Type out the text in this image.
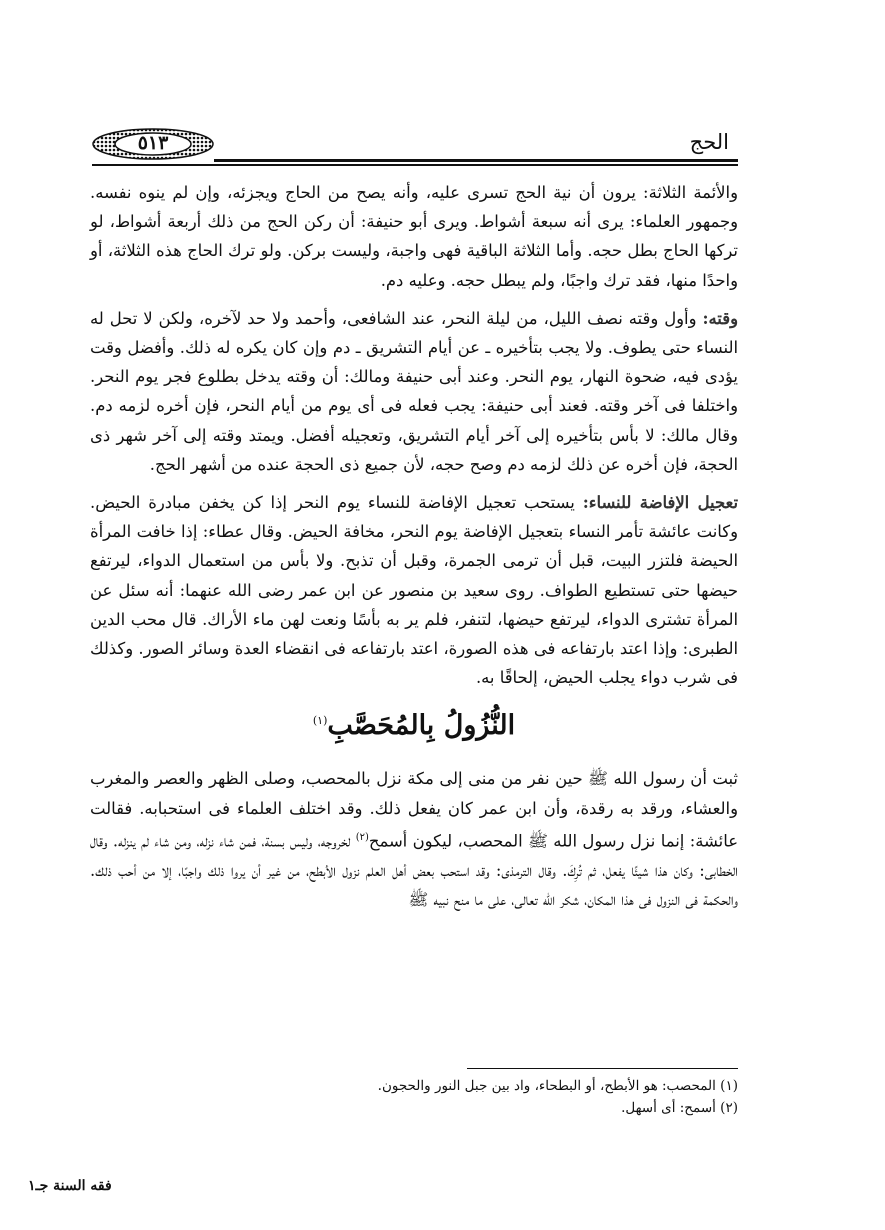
٥١٣	الحج

والأئمة الثلاثة: يرون أن نية الحج تسرى عليه، وأنه يصح من الحاج ويجزئه، وإن لم ينوه نفسه. وجمهور العلماء: يرى أنه سبعة أشواط. ويرى أبو حنيفة: أن ركن الحج من ذلك أربعة أشواط، لو تركها الحاج بطل حجه. وأما الثلاثة الباقية فهى واجبة، وليست بركن. ولو ترك الحاج هذه الثلاثة، أو واحدًا منها، فقد ترك واجبًا، ولم يبطل حجه. وعليه دم.

وقته: وأول وقته نصف الليل، من ليلة النحر، عند الشافعى، وأحمد ولا حد لآخره، ولكن لا تحل له النساء حتى يطوف. ولا يجب بتأخيره ـ عن أيام التشريق ـ دم وإن كان يكره له ذلك. وأفضل وقت يؤدى فيه، ضحوة النهار، يوم النحر. وعند أبى حنيفة ومالك: أن وقته يدخل بطلوع فجر يوم النحر. واختلفا فى آخر وقته. فعند أبى حنيفة: يجب فعله فى أى يوم من أيام النحر، فإن أخره لزمه دم. وقال مالك: لا بأس بتأخيره إلى آخر أيام التشريق، وتعجيله أفضل. ويمتد وقته إلى آخر شهر ذى الحجة، فإن أخره عن ذلك لزمه دم وصح حجه، لأن جميع ذى الحجة عنده من أشهر الحج.

تعجيل الإفاضة للنساء: يستحب تعجيل الإفاضة للنساء يوم النحر إذا كن يخفن مبادرة الحيض. وكانت عائشة تأمر النساء بتعجيل الإفاضة يوم النحر، مخافة الحيض. وقال عطاء: إذا خافت المرأة الحيضة فلتزر البيت، قبل أن ترمى الجمرة، وقبل أن تذبح. ولا بأس من استعمال الدواء، ليرتفع حيضها حتى تستطيع الطواف. روى سعيد بن منصور عن ابن عمر رضى الله عنهما: أنه سئل عن المرأة تشترى الدواء، ليرتفع حيضها، لتنفر، فلم ير به بأسًا ونعت لهن ماء الأراك. قال محب الدين الطبرى: وإذا اعتد بارتفاعه فى هذه الصورة، اعتد بارتفاعه فى انقضاء العدة وسائر الصور. وكذلك فى شرب دواء يجلب الحيض، إلحاقًا به.

النُّزُولُ بِالمُحَصَّبِ$^{(١)}$

ثبت أن رسول الله ﷺ حين نفر من منى إلى مكة نزل بالمحصب، وصلى الظهر والعصر والمغرب والعشاء، ورقد به رقدة، وأن ابن عمر كان يفعل ذلك. وقد اختلف العلماء فى استحبابه. فقالت عائشة: إنما نزل رسول الله ﷺ المحصب، ليكون أسمح$^{(٢)}$ لخروجه، وليس بسنة، فمن شاء نزله، ومن شاء لم ينزله. وقال الخطابى: وكان هذا شيئًا يفعل، ثم تُرِكَ. وقال الترمذى: وقد استحب بعض أهل العلم نزول الأبطح، من غير أن يروا ذلك واجبًا، إلا من أحب ذلك. والحكمة فى النزول فى هذا المكان، شكر الله تعالى، على ما منح نبيه ﷺ

(١) المحصب: هو الأبطح، أو البطحاء، واد بين جبل النور والحجون.
(٢) أسمح: أى أسهل.
فقه السنة جـ١
